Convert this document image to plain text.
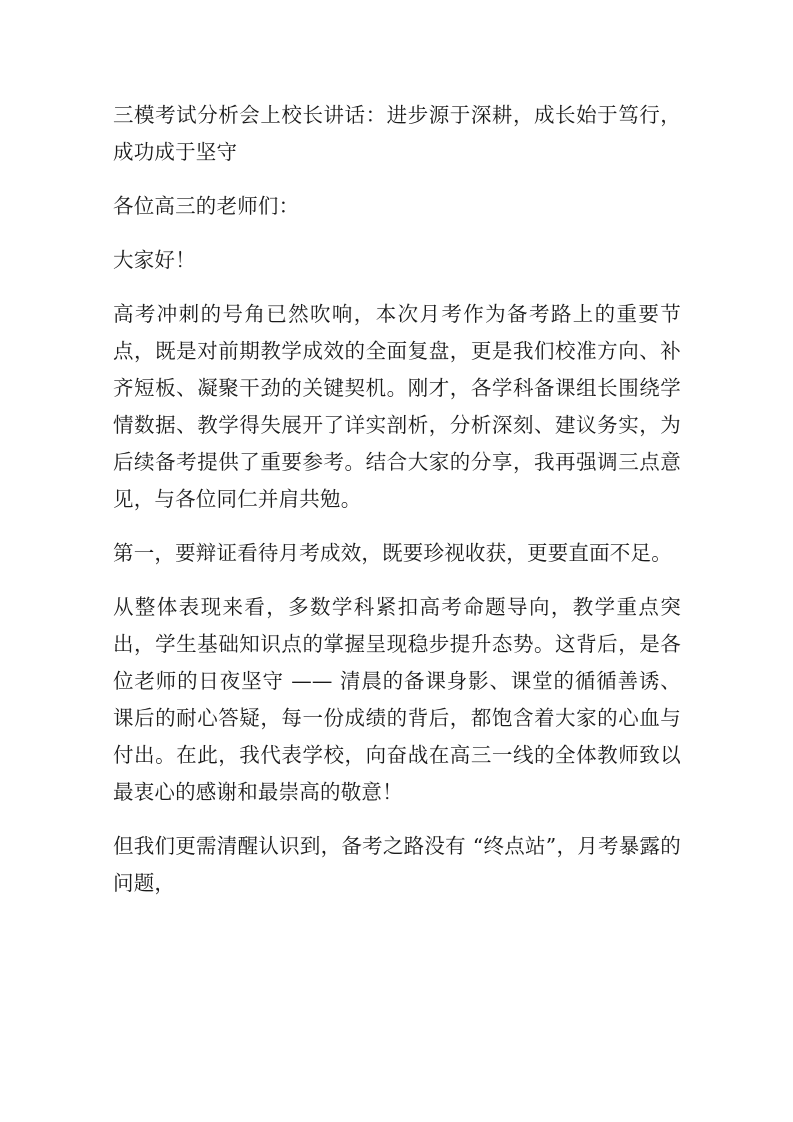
三模考试分析会上校长讲话：进步源于深耕，成长始于笃行，成功成于坚守

各位高三的老师们：

大家好！

高考冲刺的号角已然吹响，本次月考作为备考路上的重要节点，既是对前期教学成效的全面复盘，更是我们校准方向、补齐短板、凝聚干劲的关键契机。刚才，各学科备课组长围绕学情数据、教学得失展开了详实剖析，分析深刻、建议务实，为后续备考提供了重要参考。结合大家的分享，我再强调三点意见，与各位同仁并肩共勉。

第一，要辩证看待月考成效，既要珍视收获，更要直面不足。

从整体表现来看，多数学科紧扣高考命题导向，教学重点突出，学生基础知识点的掌握呈现稳步提升态势。这背后，是各位老师的日夜坚守 —— 清晨的备课身影、课堂的循循善诱、课后的耐心答疑，每一份成绩的背后，都饱含着大家的心血与付出。在此，我代表学校，向奋战在高三一线的全体教师致以最衷心的感谢和最崇高的敬意！

但我们更需清醒认识到，备考之路没有 “终点站”，月考暴露的问题，
